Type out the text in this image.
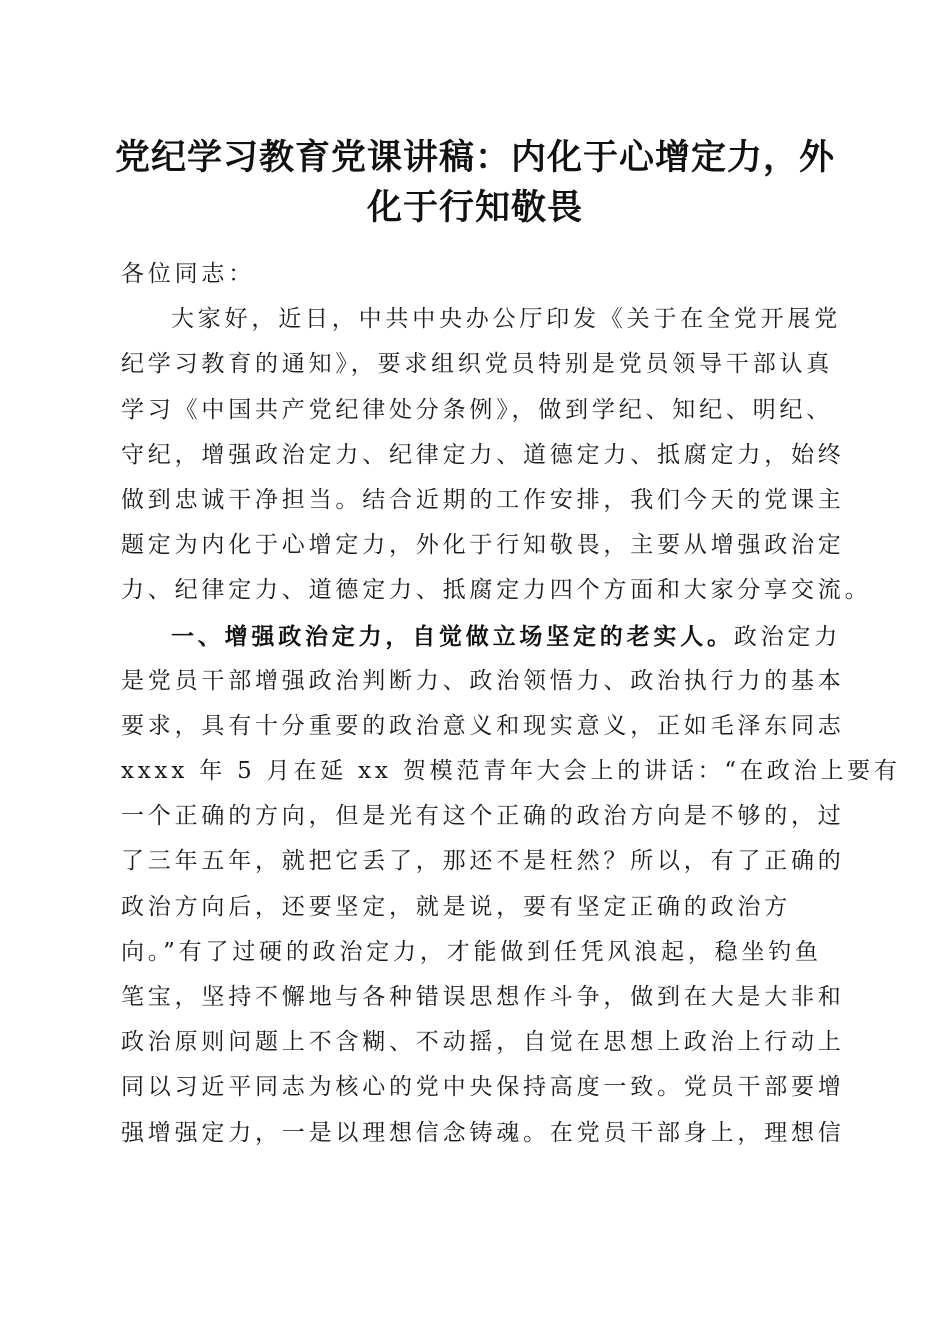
党纪学习教育党课讲稿：内化于心增定力，外
化于行知敬畏
各位同志：
大家好，近日，中共中央办公厅印发《关于在全党开展党
纪学习教育的通知》，要求组织党员特别是党员领导干部认真
学习《中国共产党纪律处分条例》，做到学纪、知纪、明纪、
守纪，增强政治定力、纪律定力、道德定力、抵腐定力，始终
做到忠诚干净担当。结合近期的工作安排，我们今天的党课主
题定为内化于心增定力，外化于行知敬畏，主要从增强政治定
力、纪律定力、道德定力、抵腐定力四个方面和大家分享交流。
一、增强政治定力，自觉做立场坚定的老实人。政治定力
是党员干部增强政治判断力、政治领悟力、政治执行力的基本
要求，具有十分重要的政治意义和现实意义，正如毛泽东同志
xxxx 年 5 月在延 xx 贺模范青年大会上的讲话：“在政治上要有
一个正确的方向，但是光有这个正确的政治方向是不够的，过
了三年五年，就把它丢了，那还不是枉然？所以，有了正确的
政治方向后，还要坚定，就是说，要有坚定正确的政治方
向。”有了过硬的政治定力，才能做到任凭风浪起，稳坐钓鱼
笔宝，坚持不懈地与各种错误思想作斗争，做到在大是大非和
政治原则问题上不含糊、不动摇，自觉在思想上政治上行动上
同以习近平同志为核心的党中央保持高度一致。党员干部要增
强增强定力，一是以理想信念铸魂。在党员干部身上，理想信
